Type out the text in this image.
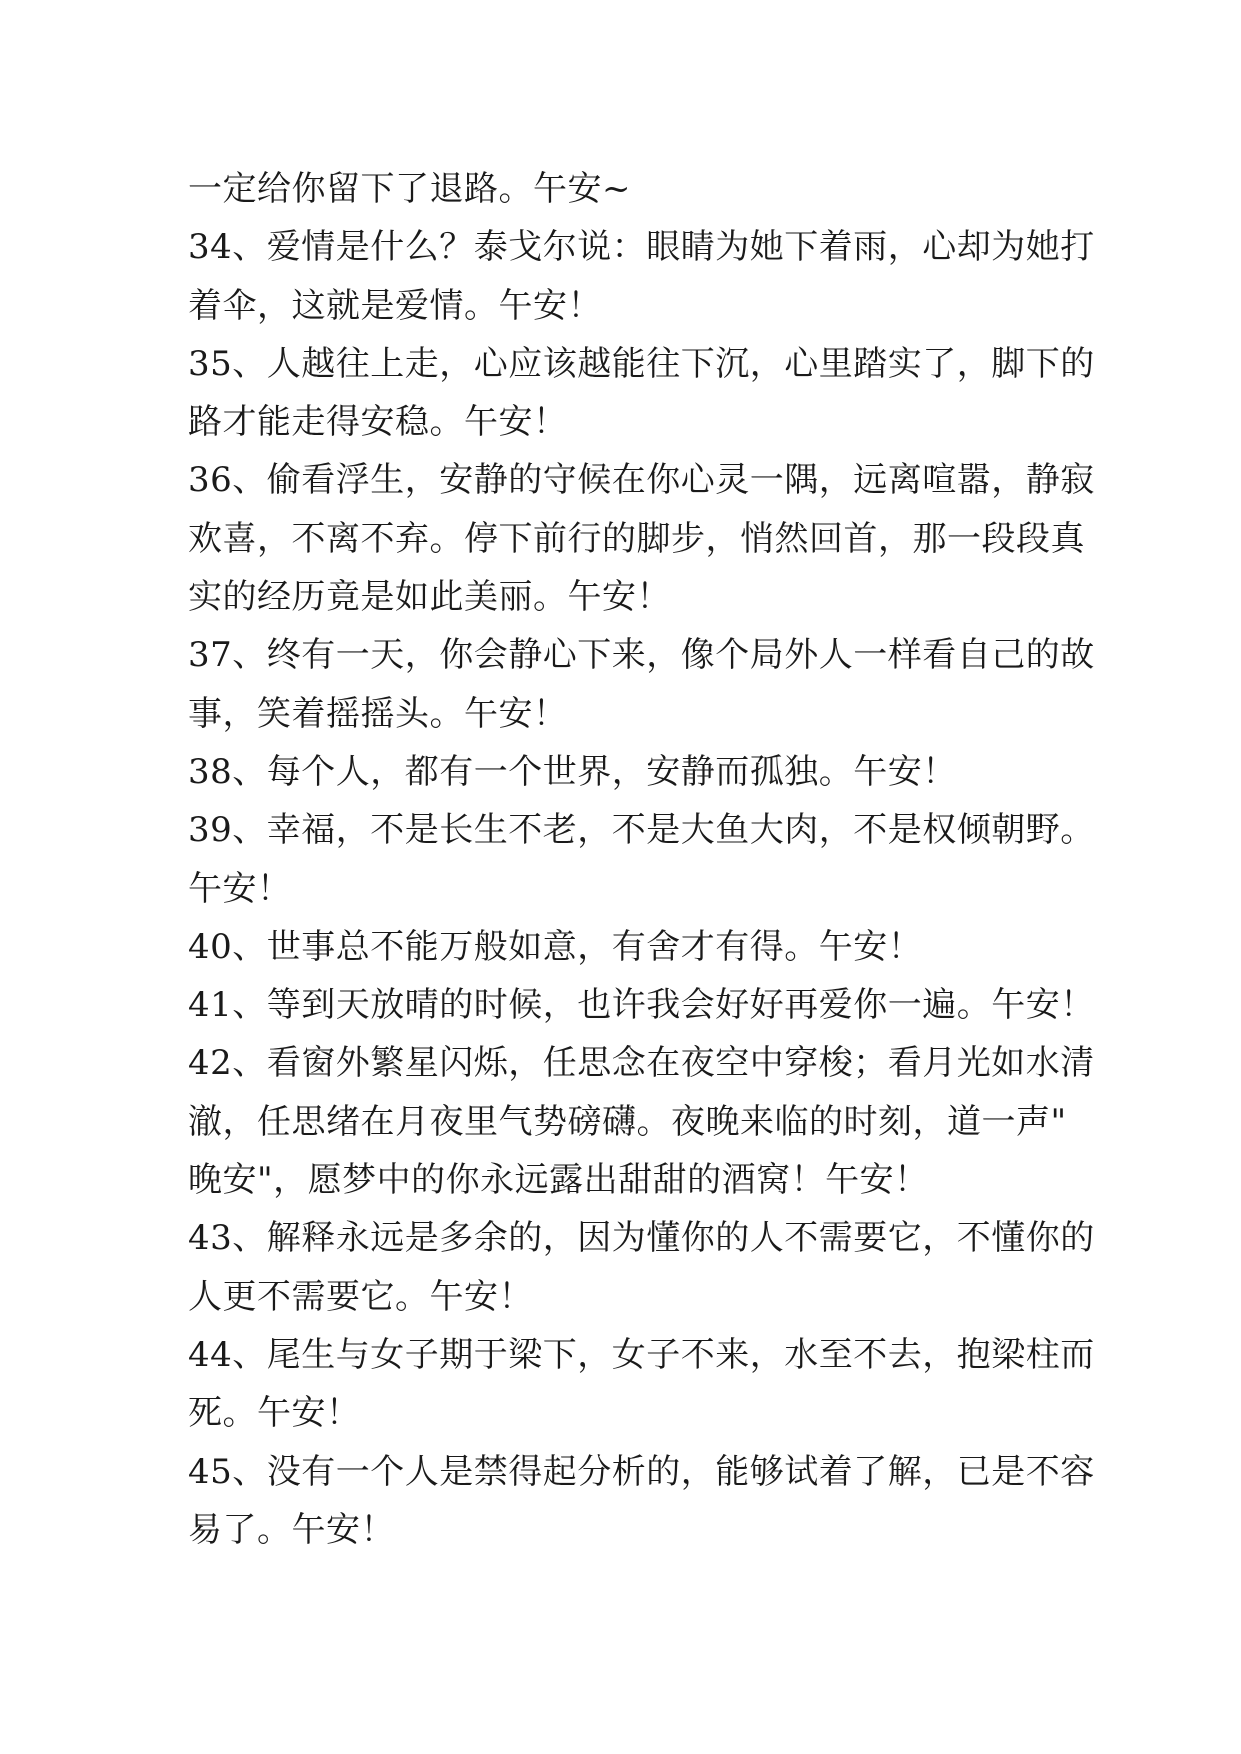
一定给你留下了退路。午安~
34、爱情是什么？泰戈尔说：眼睛为她下着雨，心却为她打
着伞，这就是爱情。午安！
35、人越往上走，心应该越能往下沉，心里踏实了，脚下的
路才能走得安稳。午安！
36、偷看浮生，安静的守候在你心灵一隅，远离喧嚣，静寂
欢喜，不离不弃。停下前行的脚步，悄然回首，那一段段真
实的经历竟是如此美丽。午安！
37、终有一天，你会静心下来，像个局外人一样看自己的故
事，笑着摇摇头。午安！
38、每个人，都有一个世界，安静而孤独。午安！
39、幸福，不是长生不老，不是大鱼大肉，不是权倾朝野。
午安！
40、世事总不能万般如意，有舍才有得。午安！
41、等到天放晴的时候，也许我会好好再爱你一遍。午安！
42、看窗外繁星闪烁，任思念在夜空中穿梭；看月光如水清
澈，任思绪在月夜里气势磅礴。夜晚来临的时刻，道一声"
晚安"，愿梦中的你永远露出甜甜的酒窝！午安！
43、解释永远是多余的，因为懂你的人不需要它，不懂你的
人更不需要它。午安！
44、尾生与女子期于梁下，女子不来，水至不去，抱梁柱而
死。午安！
45、没有一个人是禁得起分析的，能够试着了解，已是不容
易了。午安！
